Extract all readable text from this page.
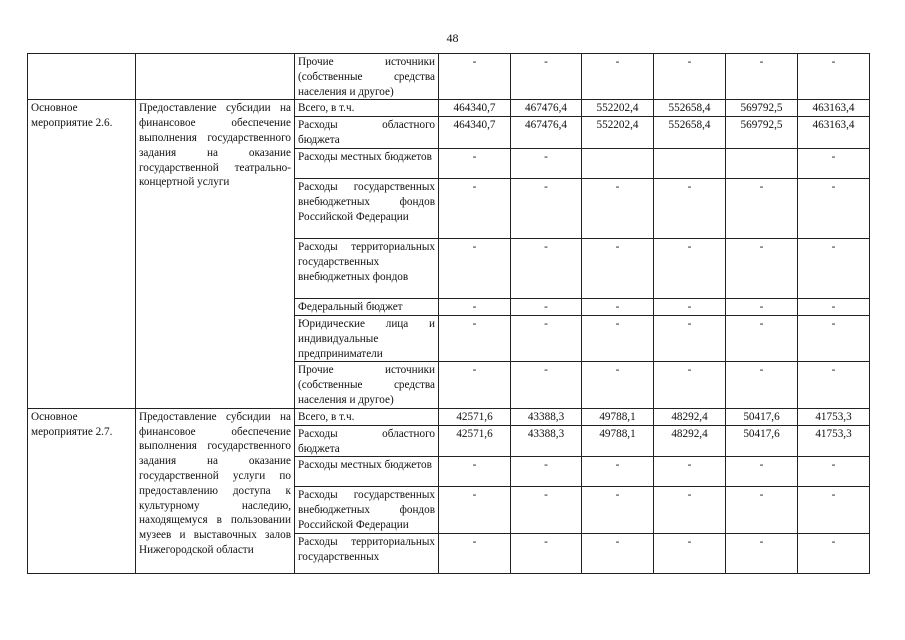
48
		Прочие источники (собственные средства населения и другое)	-	-	-	-	-	-
Основное мероприятие 2.6.	Предоставление субсидии на финансовое обеспечение выполнения государственного задания на оказание государственной театрально-концертной услуги	Всего, в т.ч.	464340,7	467476,4	552202,4	552658,4	569792,5	463163,4
		Расходы областного бюджета	464340,7	467476,4	552202,4	552658,4	569792,5	463163,4
		Расходы местных бюджетов	-	-				-
		Расходы государственных внебюджетных фондов Российской Федерации	-	-	-	-	-	-
		Расходы территориальных государственных внебюджетных фондов	-	-	-	-	-	-
		Федеральный бюджет	-	-	-	-	-	-
		Юридические лица и индивидуальные предприниматели	-	-	-	-	-	-
		Прочие источники (собственные средства населения и другое)	-	-	-	-	-	-
Основное мероприятие 2.7.	Предоставление субсидии на финансовое обеспечение выполнения государственного задания на оказание государственной услуги по предоставлению доступа к культурному наследию, находящемуся в пользовании музеев и выставочных залов Нижегородской области	Всего, в т.ч.	42571,6	43388,3	49788,1	48292,4	50417,6	41753,3
		Расходы областного бюджета	42571,6	43388,3	49788,1	48292,4	50417,6	41753,3
		Расходы местных бюджетов	-	-	-	-	-	-
		Расходы государственных внебюджетных фондов Российской Федерации	-	-	-	-	-	-
		Расходы территориальных государственных	-	-	-	-	-	-
